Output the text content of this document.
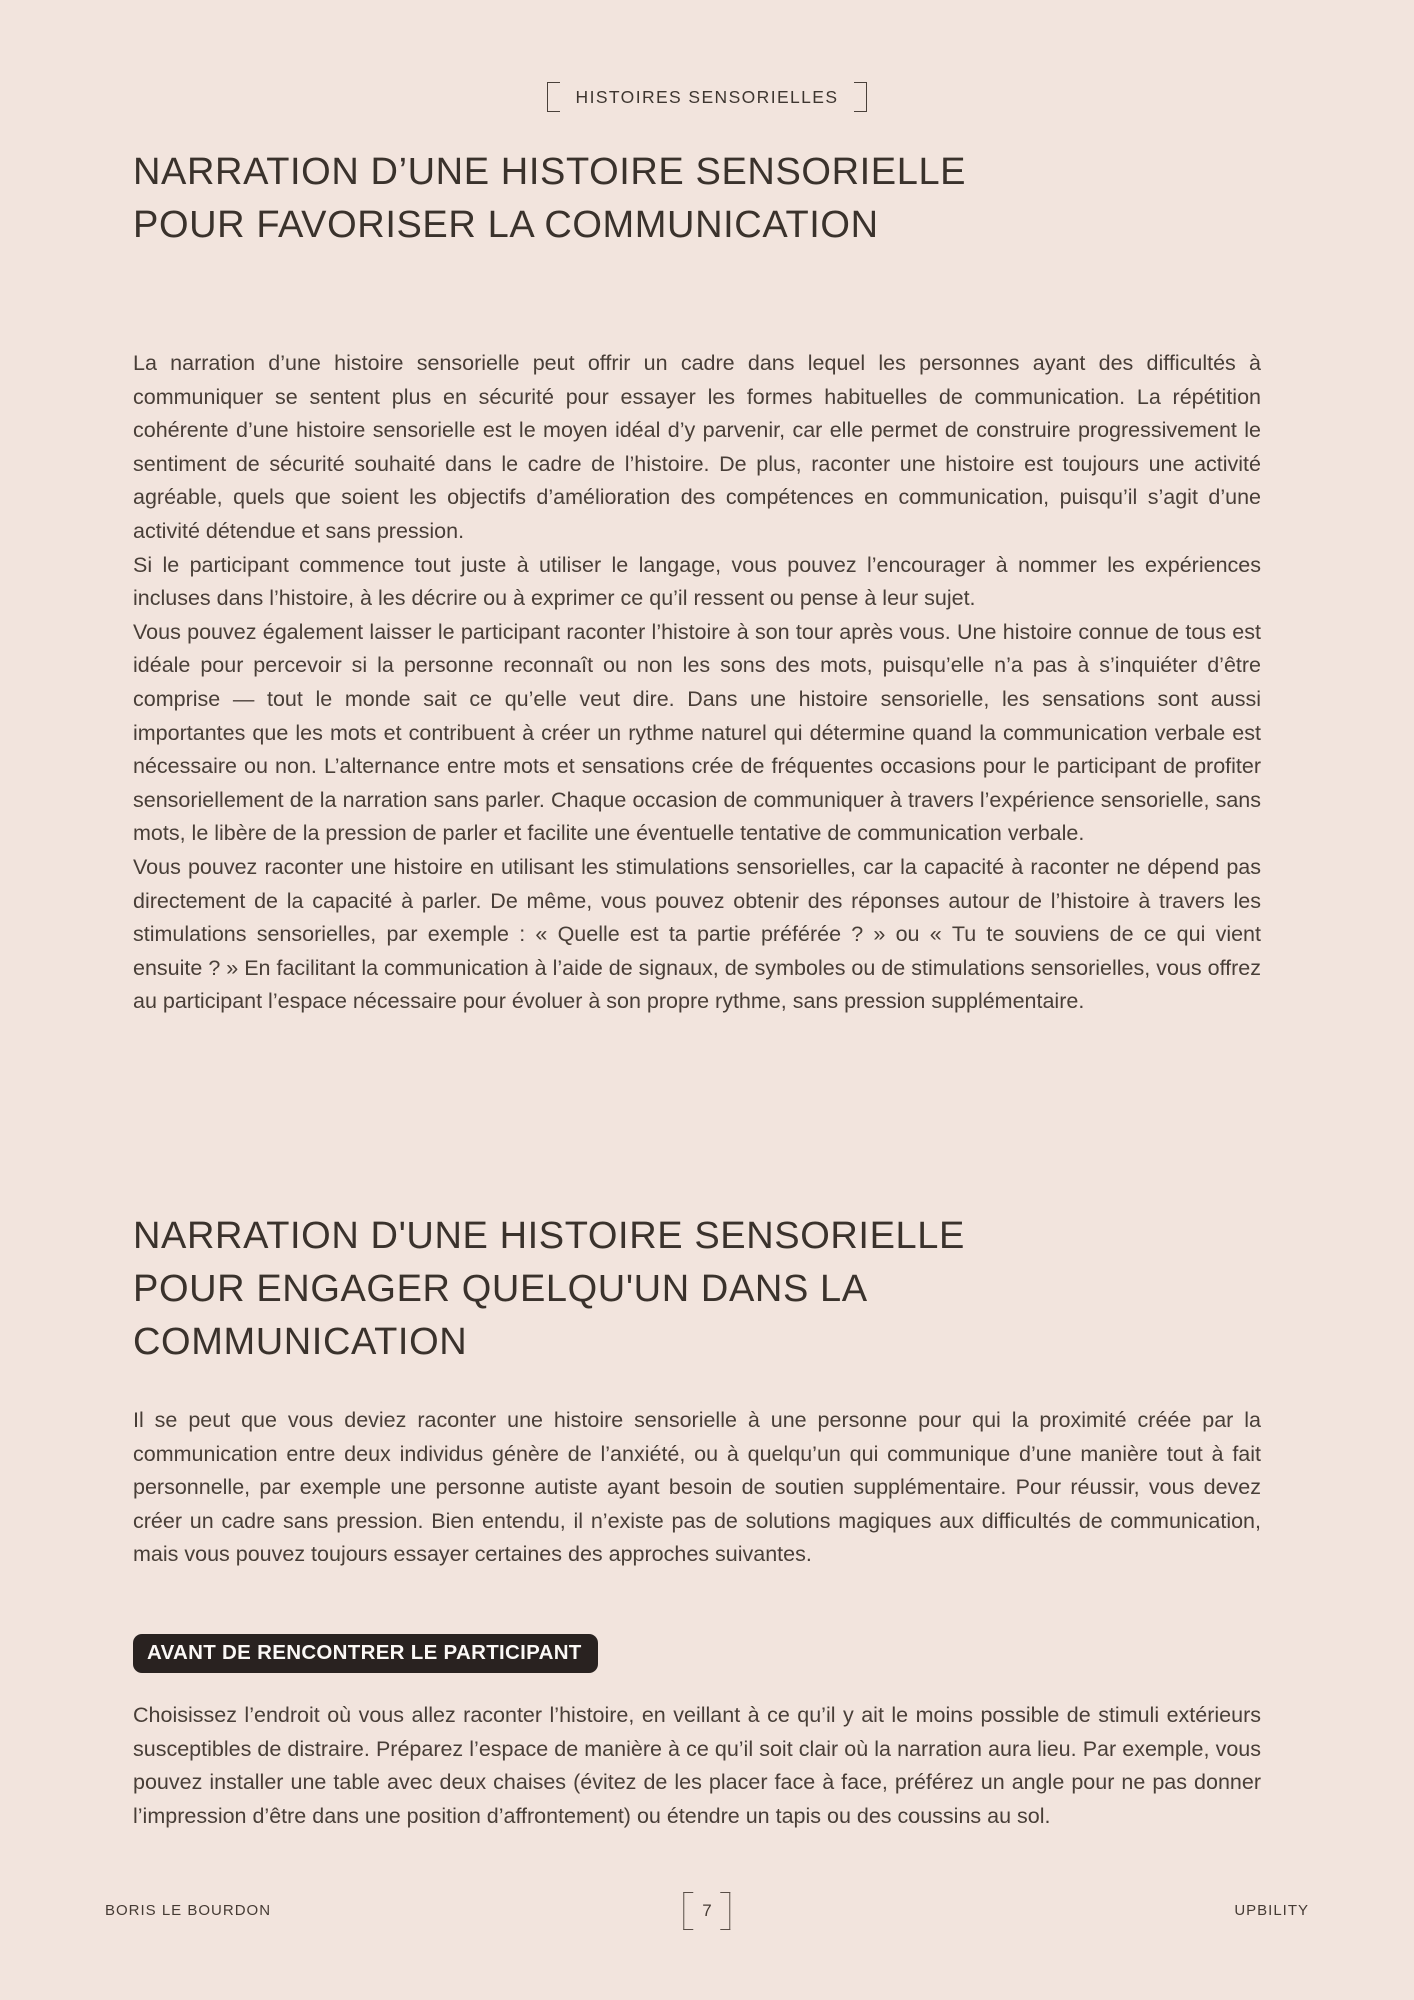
HISTOIRES SENSORIELLES
NARRATION D’UNE HISTOIRE SENSORIELLE
POUR FAVORISER LA COMMUNICATION

La narration d’une histoire sensorielle peut offrir un cadre dans lequel les personnes ayant des difficultés à communiquer se sentent plus en sécurité pour essayer les formes habituelles de communication. La répétition cohérente d’une histoire sensorielle est le moyen idéal d’y parvenir, car elle permet de construire progressivement le sentiment de sécurité souhaité dans le cadre de l’histoire. De plus, raconter une histoire est toujours une activité agréable, quels que soient les objectifs d’amélioration des compétences en communication, puisqu’il s’agit d’une activité détendue et sans pression.

Si le participant commence tout juste à utiliser le langage, vous pouvez l’encourager à nommer les expériences incluses dans l’histoire, à les décrire ou à exprimer ce qu’il ressent ou pense à leur sujet.

Vous pouvez également laisser le participant raconter l’histoire à son tour après vous. Une histoire connue de tous est idéale pour percevoir si la personne reconnaît ou non les sons des mots, puisqu’elle n’a pas à s’inquiéter d’être comprise — tout le monde sait ce qu’elle veut dire. Dans une histoire sensorielle, les sensations sont aussi importantes que les mots et contribuent à créer un rythme naturel qui détermine quand la communication verbale est nécessaire ou non. L’alternance entre mots et sensations crée de fréquentes occasions pour le participant de profiter sensoriellement de la narration sans parler. Chaque occasion de communiquer à travers l’expérience sensorielle, sans mots, le libère de la pression de parler et facilite une éventuelle tentative de communication verbale.

Vous pouvez raconter une histoire en utilisant les stimulations sensorielles, car la capacité à raconter ne dépend pas directement de la capacité à parler. De même, vous pouvez obtenir des réponses autour de l’histoire à travers les stimulations sensorielles, par exemple : « Quelle est ta partie préférée ? » ou « Tu te souviens de ce qui vient ensuite ? » En facilitant la communication à l’aide de signaux, de symboles ou de stimulations sensorielles, vous offrez au participant l’espace nécessaire pour évoluer à son propre rythme, sans pression supplémentaire.

NARRATION D'UNE HISTOIRE SENSORIELLE
POUR ENGAGER QUELQU'UN DANS LA
COMMUNICATION

Il se peut que vous deviez raconter une histoire sensorielle à une personne pour qui la proximité créée par la communication entre deux individus génère de l’anxiété, ou à quelqu’un qui communique d’une manière tout à fait personnelle, par exemple une personne autiste ayant besoin de soutien supplémentaire. Pour réussir, vous devez créer un cadre sans pression. Bien entendu, il n’existe pas de solutions magiques aux difficultés de communication, mais vous pouvez toujours essayer certaines des approches suivantes.

AVANT DE RENCONTRER LE PARTICIPANT

Choisissez l’endroit où vous allez raconter l’histoire, en veillant à ce qu’il y ait le moins possible de stimuli extérieurs susceptibles de distraire. Préparez l’espace de manière à ce qu’il soit clair où la narration aura lieu. Par exemple, vous pouvez installer une table avec deux chaises (évitez de les placer face à face, préférez un angle pour ne pas donner l’impression d’être dans une position d’affrontement) ou étendre un tapis ou des coussins au sol.

BORIS LE BOURDON	7	UPBILITY
